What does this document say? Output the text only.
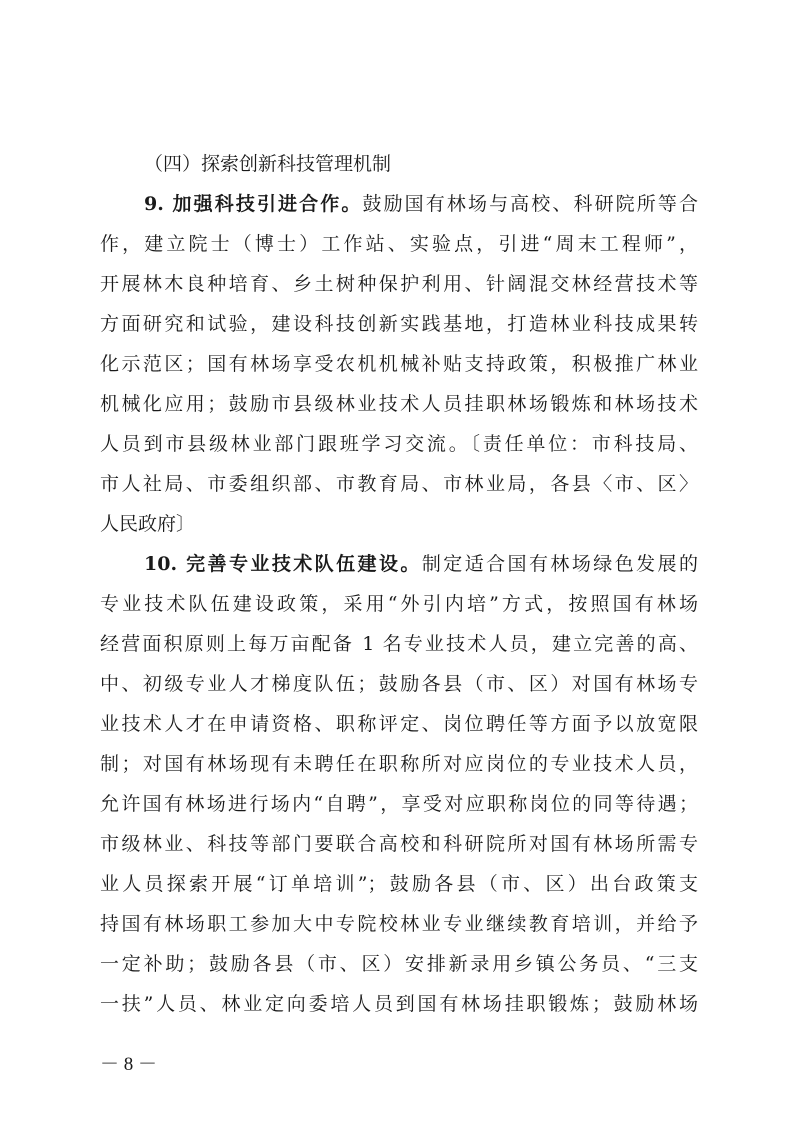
（四）探索创新科技管理机制
9. 加强科技引进合作。鼓励国有林场与高校、科研院所等合
作，建立院士（博士）工作站、实验点，引进“周末工程师”，
开展林木良种培育、乡土树种保护利用、针阔混交林经营技术等
方面研究和试验，建设科技创新实践基地，打造林业科技成果转
化示范区；国有林场享受农机机械补贴支持政策，积极推广林业
机械化应用；鼓励市县级林业技术人员挂职林场锻炼和林场技术
人员到市县级林业部门跟班学习交流。〔责任单位：市科技局、
市人社局、市委组织部、市教育局、市林业局，各县〈市、区〉
人民政府〕
10. 完善专业技术队伍建设。制定适合国有林场绿色发展的
专业技术队伍建设政策，采用“外引内培”方式，按照国有林场
经营面积原则上每万亩配备 1 名专业技术人员，建立完善的高、
中、初级专业人才梯度队伍；鼓励各县（市、区）对国有林场专
业技术人才在申请资格、职称评定、岗位聘任等方面予以放宽限
制；对国有林场现有未聘任在职称所对应岗位的专业技术人员，
允许国有林场进行场内“自聘”，享受对应职称岗位的同等待遇；
市级林业、科技等部门要联合高校和科研院所对国有林场所需专
业人员探索开展“订单培训”；鼓励各县（市、区）出台政策支
持国有林场职工参加大中专院校林业专业继续教育培训，并给予
一定补助；鼓励各县（市、区）安排新录用乡镇公务员、“三支
一扶”人员、林业定向委培人员到国有林场挂职锻炼；鼓励林场
－ 8 －
